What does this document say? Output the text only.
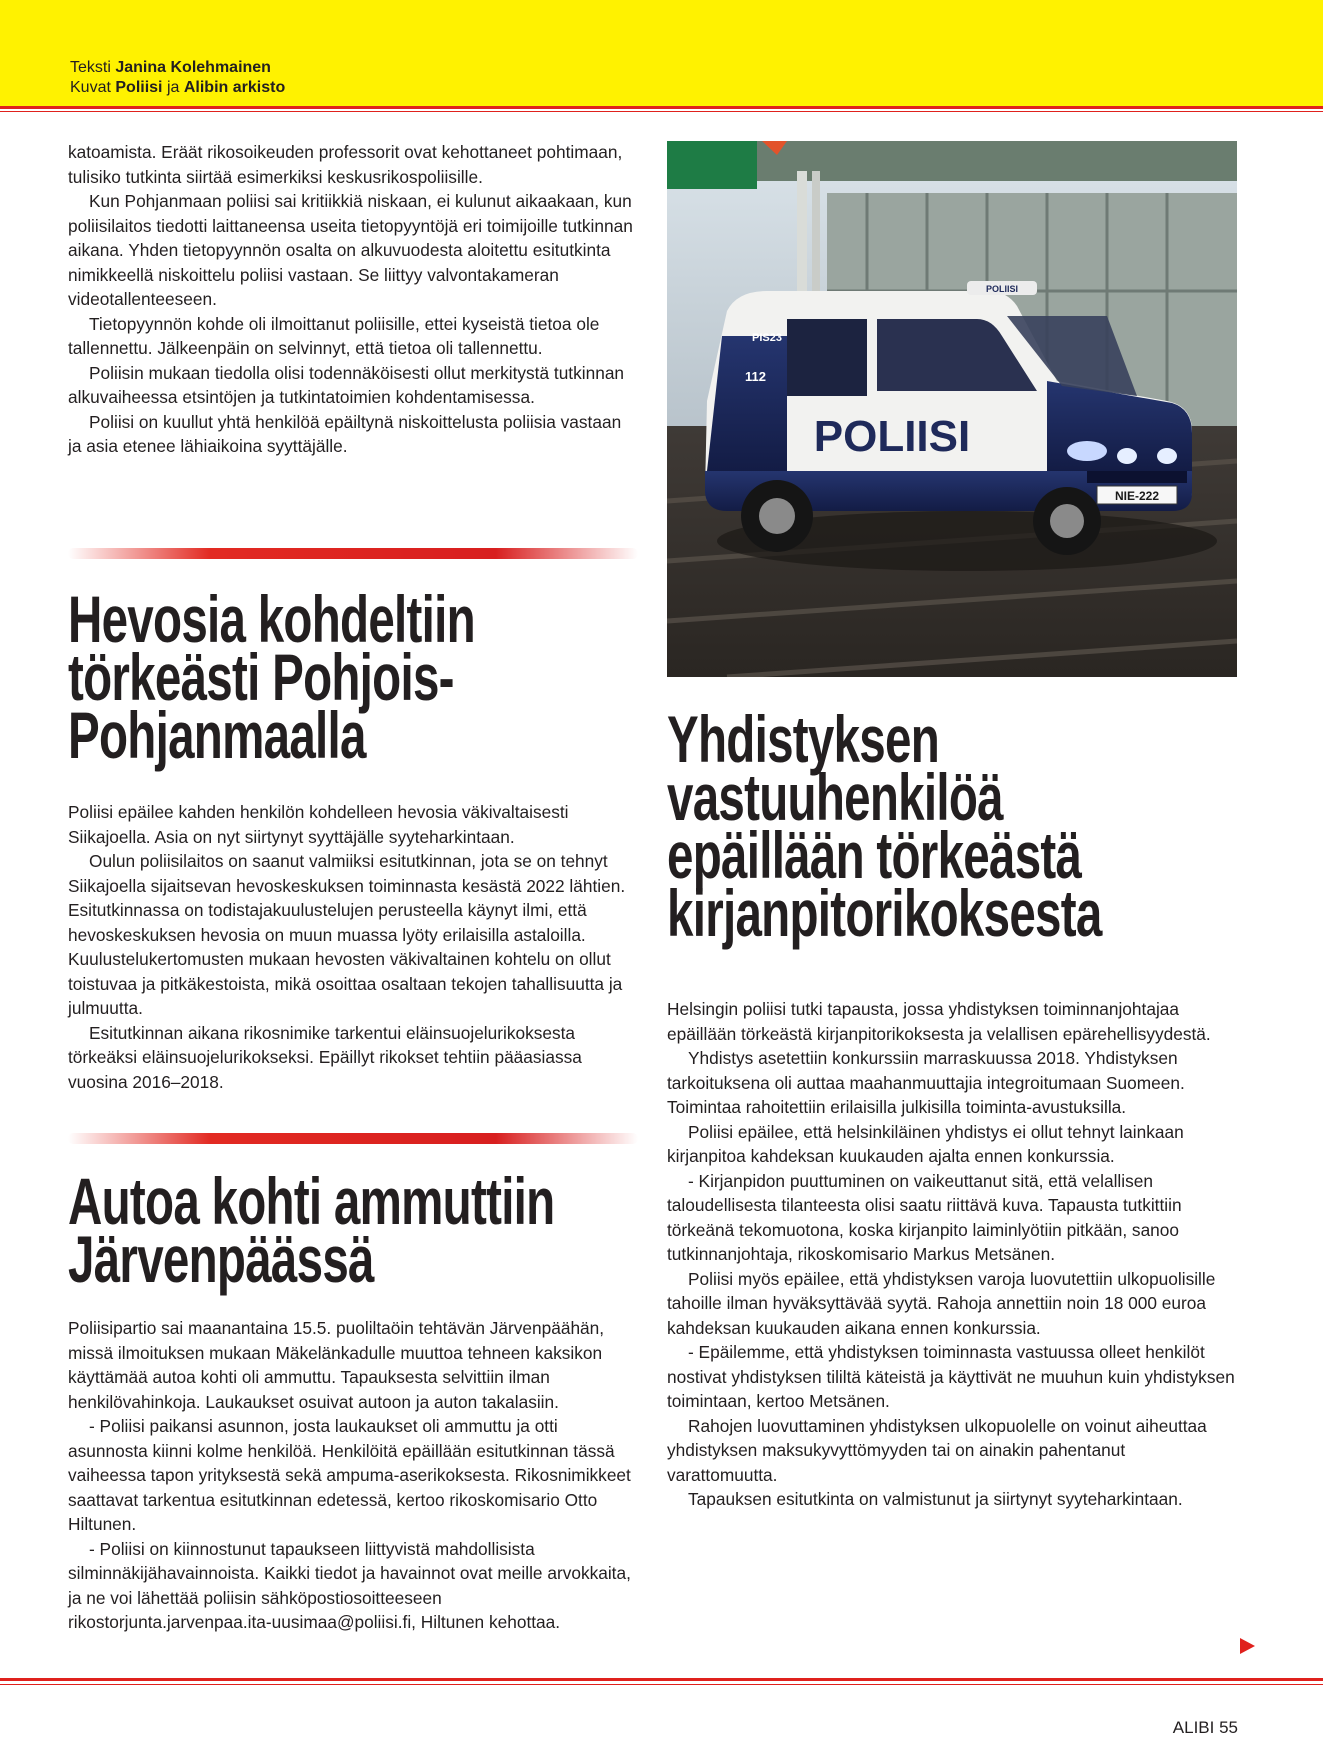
Teksti Janina Kolehmainen
Kuvat Poliisi ja Alibin arkisto

katoamista. Eräät rikosoikeuden professorit ovat kehottaneet pohtimaan, tulisiko tutkinta siirtää esimerkiksi keskusrikospoliisille.

Kun Pohjanmaan poliisi sai kritiikkiä niskaan, ei kulunut aikaakaan, kun poliisilaitos tiedotti laittaneensa useita tietopyyntöjä eri toimijoille tutkinnan aikana. Yhden tietopyynnön osalta on alkuvuodesta aloitettu esitutkinta nimikkeellä niskoittelu poliisi vastaan. Se liittyy valvontakameran videotallenteeseen.

Tietopyynnön kohde oli ilmoittanut poliisille, ettei kyseistä tietoa ole tallennettu. Jälkeenpäin on selvinnyt, että tietoa oli tallennettu.

Poliisin mukaan tiedolla olisi todennäköisesti ollut merkitystä tutkinnan alkuvaiheessa etsintöjen ja tutkintatoimien kohdentamisessa.

Poliisi on kuullut yhtä henkilöä epäiltynä niskoittelusta poliisia vastaan ja asia etenee lähiaikoina syyttäjälle.

Hevosia kohdeltiin
törkeästi Pohjois-
Pohjanmaalla

Poliisi epäilee kahden henkilön kohdelleen hevosia väkivaltaisesti Siikajoella. Asia on nyt siirtynyt syyttäjälle syyteharkintaan.

Oulun poliisilaitos on saanut valmiiksi esitutkinnan, jota se on tehnyt Siikajoella sijaitsevan hevoskeskuksen toiminnasta kesästä 2022 lähtien. Esitutkinnassa on todistajakuulustelujen perusteella käynyt ilmi, että hevoskeskuksen hevosia on muun muassa lyöty erilaisilla astaloilla. Kuulustelukertomusten mukaan hevosten väkivaltainen kohtelu on ollut toistuvaa ja pitkäkestoista, mikä osoittaa osaltaan tekojen tahallisuutta ja julmuutta.

Esitutkinnan aikana rikosnimike tarkentui eläinsuojelurikoksesta törkeäksi eläinsuojelurikokseksi. Epäillyt rikokset tehtiin pääasiassa vuosina 2016–2018.

Autoa kohti ammuttiin
Järvenpäässä

Poliisipartio sai maanantaina 15.5. puoliltaöin tehtävän Järvenpäähän, missä ilmoituksen mukaan Mäkelänkadulle muuttoa tehneen kaksikon käyttämää autoa kohti oli ammuttu. Tapauksesta selvittiin ilman henkilövahinkoja. Laukaukset osuivat autoon ja auton takalasiin.

- Poliisi paikansi asunnon, josta laukaukset oli ammuttu ja otti asunnosta kiinni kolme henkilöä. Henkilöitä epäillään esitutkinnan tässä vaiheessa tapon yrityksestä sekä ampuma-aserikoksesta. Rikosnimikkeet saattavat tarkentua esitutkinnan edetessä, kertoo rikoskomisario Otto Hiltunen.

- Poliisi on kiinnostunut tapaukseen liittyvistä mahdollisista silminnäkijähavainnoista. Kaikki tiedot ja havainnot ovat meille arvokkaita, ja ne voi lähettää poliisin sähköpostiosoitteeseen rikostorjunta.jarvenpaa.ita-uusimaa@poliisi.fi, Hiltunen kehottaa.

POLIISI
POLIISI
112
PIS23
NIE-222
Yhdistyksen
vastuuhenkilöä
epäillään törkeästä
kirjanpitorikoksesta

Helsingin poliisi tutki tapausta, jossa yhdistyksen toiminnanjohtajaa epäillään törkeästä kirjanpitorikoksesta ja velallisen epärehellisyydestä.

Yhdistys asetettiin konkurssiin marraskuussa 2018. Yhdistyksen tarkoituksena oli auttaa maahanmuuttajia integroitumaan Suomeen. Toimintaa rahoitettiin erilaisilla julkisilla toiminta-avustuksilla.

Poliisi epäilee, että helsinkiläinen yhdistys ei ollut tehnyt lainkaan kirjanpitoa kahdeksan kuukauden ajalta ennen konkurssia.

- Kirjanpidon puuttuminen on vaikeuttanut sitä, että velallisen taloudellisesta tilanteesta olisi saatu riittävä kuva. Tapausta tutkittiin törkeänä tekomuotona, koska kirjanpito laiminlyötiin pitkään, sanoo tutkinnanjohtaja, rikoskomisario Markus Metsänen.

Poliisi myös epäilee, että yhdistyksen varoja luovutettiin ulkopuolisille tahoille ilman hyväksyttävää syytä. Rahoja annettiin noin 18 000 euroa kahdeksan kuukauden aikana ennen konkurssia.

- Epäilemme, että yhdistyksen toiminnasta vastuussa olleet henkilöt nostivat yhdistyksen tililtä käteistä ja käyttivät ne muuhun kuin yhdistyksen toimintaan, kertoo Metsänen.

Rahojen luovuttaminen yhdistyksen ulkopuolelle on voinut aiheuttaa yhdistyksen maksukyvyttömyyden tai on ainakin pahentanut varattomuutta.

Tapauksen esitutkinta on valmistunut ja siirtynyt syyteharkintaan.

ALIBI 55
